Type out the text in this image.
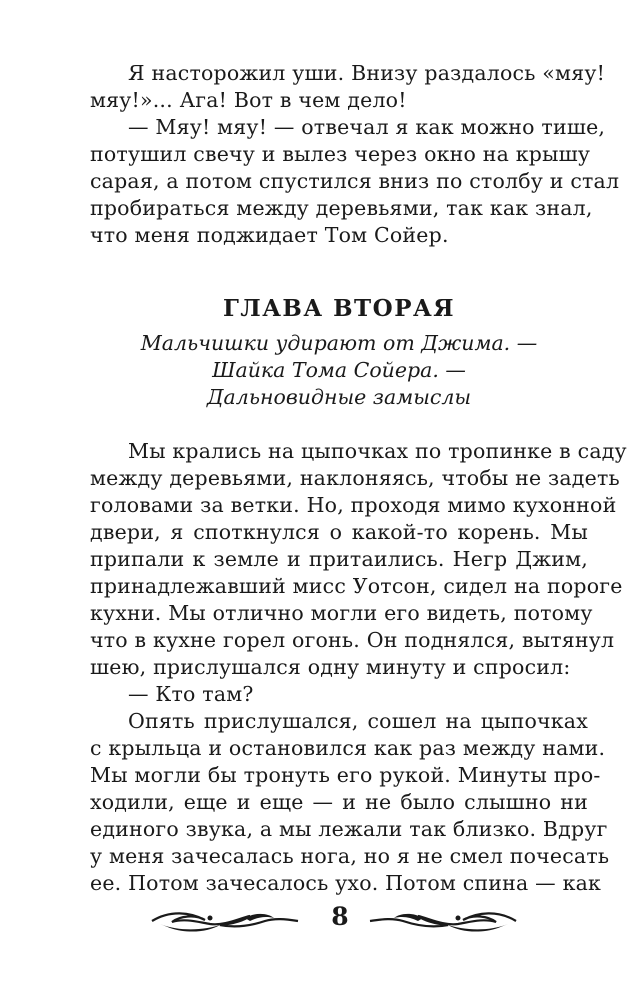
Я насторожил уши. Внизу раздалось «мяу!
мяу!»... Ага! Вот в чем дело!
— Мяу! мяу! — отвечал я как можно тише,
потушил свечу и вылез через окно на крышу
сарая, а потом спустился вниз по столбу и стал
пробираться между деревьями, так как знал,
что меня поджидает Том Сойер.
ГЛАВА ВТОРАЯ
Мальчишки удирают от Джима. —
Шайка Тома Сойера. —
Дальновидные замыслы
Мы крались на цыпочках по тропинке в саду
между деревьями, наклоняясь, чтобы не задеть
головами за ветки. Но, проходя мимо кухонной
двери, я споткнулся о какой-то корень. Мы
припали к земле и притаились. Негр Джим,
принадлежавший мисс Уотсон, сидел на пороге
кухни. Мы отлично могли его видеть, потому
что в кухне горел огонь. Он поднялся, вытянул
шею, прислушался одну минуту и спросил:
— Кто там?
Опять прислушался, сошел на цыпочках
с крыльца и остановился как раз между нами.
Мы могли бы тронуть его рукой. Минуты про-
ходили, еще и еще — и не было слышно ни
единого звука, а мы лежали так близко. Вдруг
у меня зачесалась нога, но я не смел почесать
ее. Потом зачесалось ухо. Потом спина — как
8
